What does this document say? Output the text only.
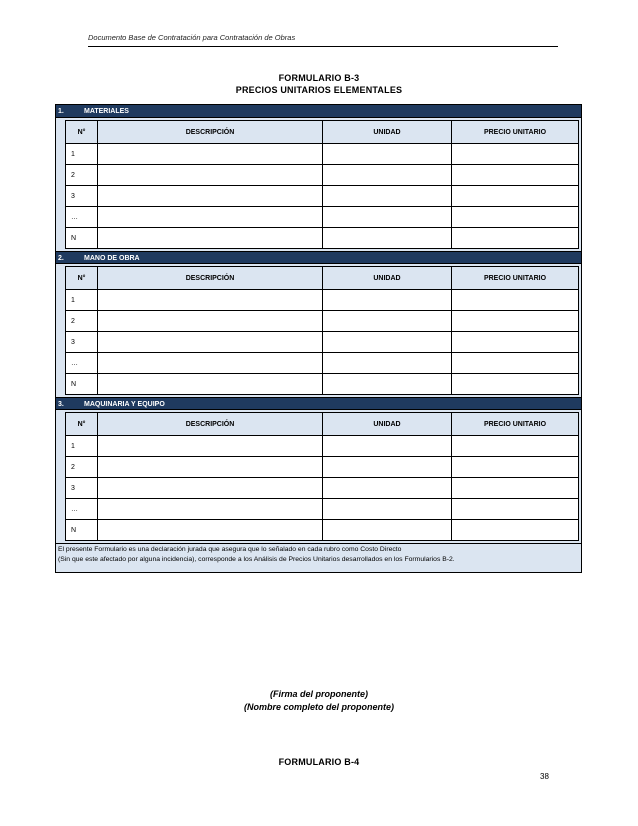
Documento Base de Contratación para Contratación de Obras
FORMULARIO B-3
PRECIOS UNITARIOS ELEMENTALES
1.	MATERIALES
N°	DESCRIPCIÓN	UNIDAD	PRECIO UNITARIO
1			
2			
3			
…			
N			
2.	MANO DE OBRA
N°	DESCRIPCIÓN	UNIDAD	PRECIO UNITARIO
1			
2			
3			
…			
N			
3.	MAQUINARIA Y EQUIPO
N°	DESCRIPCIÓN	UNIDAD	PRECIO UNITARIO
1			
2			
3			
…			
N			
El presente Formulario es una declaración jurada que asegura que lo señalado en cada rubro como Costo Directo
(Sin que este afectado por alguna incidencia), corresponde a los Análisis de Precios Unitarios desarrollados en los Formularios B-2.
(Firma del proponente)
(Nombre completo del proponente)
FORMULARIO B-4
38
